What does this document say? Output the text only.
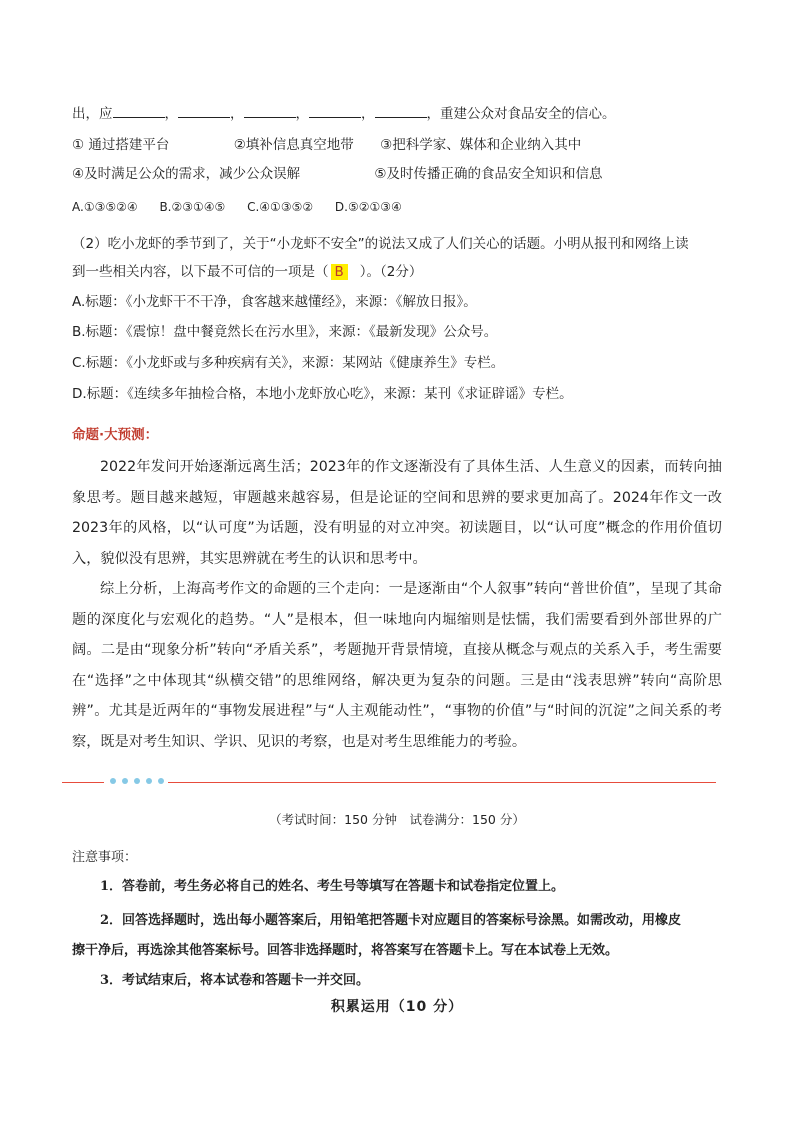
出，应	，	，	，	，	，重建公众对食品安全的信心。
① 通过搭建平台	②填补信息真空地带 ③把科学家、媒体和企业纳入其中
④及时满足公众的需求，减少公众误解	⑤及时传播正确的食品安全知识和信息
A.①③⑤②④ B.②③①④⑤ C.④①③⑤② D.⑤②①③④
（2）吃小龙虾的季节到了，关于“小龙虾不安全”的说法又成了人们关心的话题。小明从报刊和网络上读
到一些相关内容，以下最不可信的一项是（ B ）。（2分）
A.标题：《小龙虾干不干净，食客越来越懂经》，来源：《解放日报》。
B.标题：《震惊！盘中餐竟然长在污水里》，来源：《最新发现》公众号。
C.标题：《小龙虾或与多种疾病有关》，来源：某网站《健康养生》专栏。
D.标题：《连续多年抽检合格，本地小龙虾放心吃》，来源：某刊《求证辟谣》专栏。
命题·大预测：

2022年发问开始逐渐远离生活；2023年的作文逐渐没有了具体生活、人生意义的因素，而转向抽象思考。题目越来越短，审题越来越容易，但是论证的空间和思辨的要求更加高了。2024年作文一改2023年的风格，以“认可度”为话题，没有明显的对立冲突。初读题目，以“认可度”概念的作用价值切入，貌似没有思辨，其实思辨就在考生的认识和思考中。

综上分析，上海高考作文的命题的三个走向：一是逐渐由“个人叙事”转向“普世价值”，呈现了其命题的深度化与宏观化的趋势。“人”是根本，但一味地向内堀缩则是怯懦，我们需要看到外部世界的广阔。二是由“现象分析”转向“矛盾关系”，考题抛开背景情境，直接从概念与观点的关系入手，考生需要在“选择”之中体现其“纵横交错”的思维网络，解决更为复杂的问题。三是由“浅表思辨”转向“高阶思辨”。尤其是近两年的“事物发展进程”与“人主观能动性”，“事物的价值”与“时间的沉淀”之间关系的考察，既是对考生知识、学识、见识的考察，也是对考生思维能力的考验。

（考试时间：150 分钟　试卷满分：150 分）
注意事项：
1．答卷前，考生务必将自己的姓名、考生号等填写在答题卡和试卷指定位置上。
2．回答选择题时，选出每小题答案后，用铅笔把答题卡对应题目的答案标号涂黑。如需改动，用橡皮
擦干净后，再选涂其他答案标号。回答非选择题时，将答案写在答题卡上。写在本试卷上无效。
3．考试结束后，将本试卷和答题卡一并交回。
积累运用（10 分）
